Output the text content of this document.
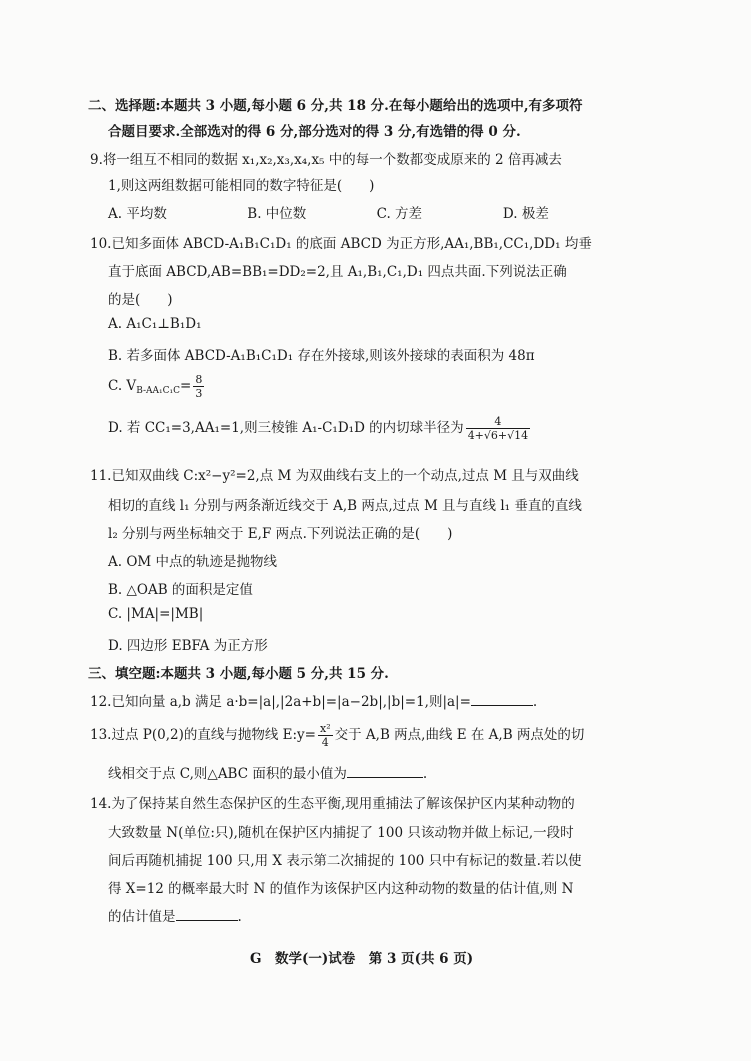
二、选择题:本题共 3 小题,每小题 6 分,共 18 分.在每小题给出的选项中,有多项符
合题目要求.全部选对的得 6 分,部分选对的得 3 分,有选错的得 0 分.
9.将一组互不相同的数据 x₁,x₂,x₃,x₄,x₅ 中的每一个数都变成原来的 2 倍再减去
1,则这两组数据可能相同的数字特征是(　　)
A. 平均数	B. 中位数	C. 方差	D. 极差
10.已知多面体 ABCD-A₁B₁C₁D₁ 的底面 ABCD 为正方形,AA₁,BB₁,CC₁,DD₁ 均垂
直于底面 ABCD,AB=BB₁=DD₂=2,且 A₁,B₁,C₁,D₁ 四点共面.下列说法正确
的是(　　)
A. A₁C₁⊥B₁D₁
B. 若多面体 ABCD-A₁B₁C₁D₁ 存在外接球,则该外接球的表面积为 48π
C. $V_{B-AA_1C_1C}= \frac{8}{3}$
D. 若 CC₁=3,AA₁=1,则三棱锥 A₁-C₁D₁D 的内切球半径为 $\frac{4}{4+√6+√14}$
11.已知双曲线 C:x²−y²=2,点 M 为双曲线右支上的一个动点,过点 M 且与双曲线
相切的直线 l₁ 分别与两条渐近线交于 A,B 两点,过点 M 且与直线 l₁ 垂直的直线
l₂ 分别与两坐标轴交于 E,F 两点.下列说法正确的是(　　)
A. OM 中点的轨迹是抛物线
B. △OAB 的面积是定值
C. |MA|=|MB|
D. 四边形 EBFA 为正方形
三、填空题:本题共 3 小题,每小题 5 分,共 15 分.
12.已知向量 a,b 满足 a·b=|a|,|2a+b|=|a−2b|,|b|=1,则|a|=	.
13.过点 P(0,2)的直线与抛物线 E:y= $\frac{\text{x²}}{4}$ 交于 A,B 两点,曲线 E 在 A,B 两点处的切
线相交于点 C,则△ABC 面积的最小值为	.
14.为了保持某自然生态保护区的生态平衡,现用重捕法了解该保护区内某种动物的
大致数量 N(单位:只),随机在保护区内捕捉了 100 只该动物并做上标记,一段时
间后再随机捕捉 100 只,用 X 表示第二次捕捉的 100 只中有标记的数量.若以使
得 X=12 的概率最大时 N 的值作为该保护区内这种动物的数量的估计值,则 N
的估计值是	.
G　数学(一)试卷　第 3 页(共 6 页)
